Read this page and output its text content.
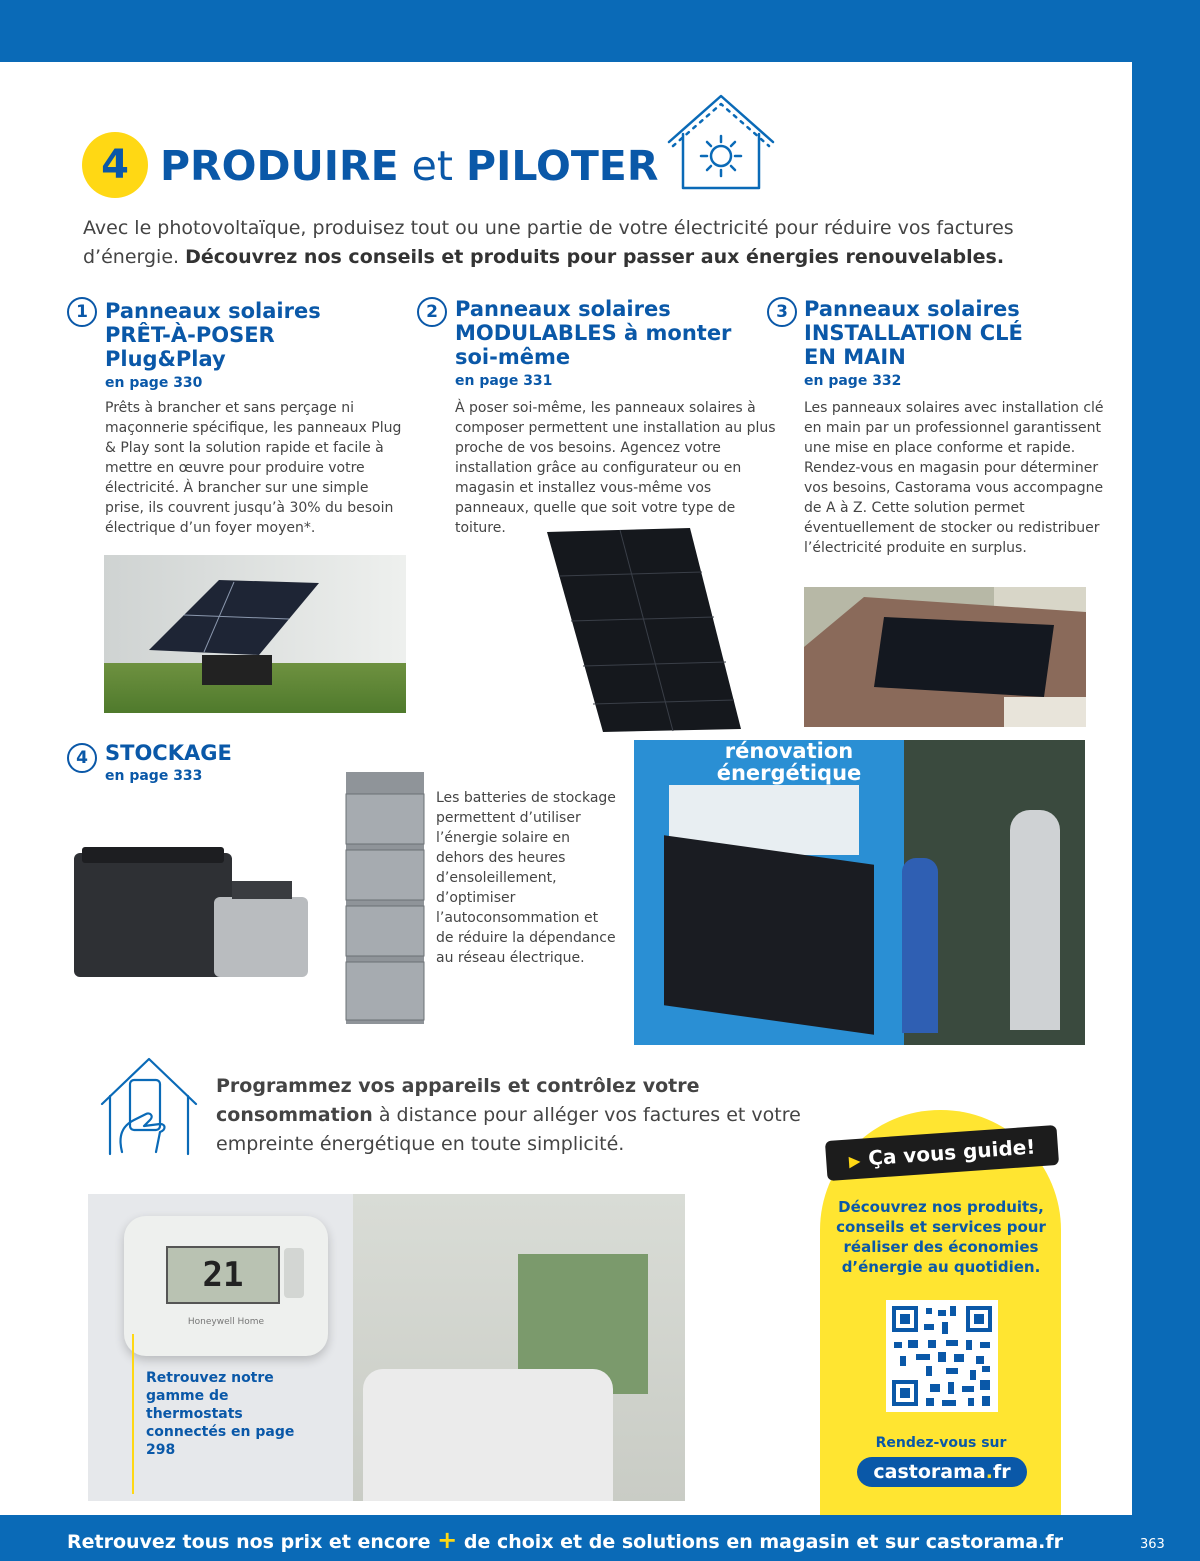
4 PRODUIRE et PILOTER
Avec le photovoltaïque, produisez tout ou une partie de votre électricité pour réduire vos factures d’énergie. Découvrez nos conseils et produits pour passer aux énergies renouvelables.
1 Panneaux solaires
PRÊT-À-POSER
Plug&Play
en page 330
Prêts à brancher et sans perçage ni maçonnerie spécifique, les panneaux Plug & Play sont la solution rapide et facile à mettre en œuvre pour produire votre électricité. À brancher sur une simple prise, ils couvrent jusqu’à 30% du besoin électrique d’un foyer moyen*.
2 Panneaux solaires
MODULABLES à monter
soi-même
en page 331
À poser soi-même, les panneaux solaires à composer permettent une installation au plus proche de vos besoins. Agencez votre installation grâce au configurateur ou en magasin et installez vous-même vos panneaux, quelle que soit votre type de toiture.
3 Panneaux solaires
INSTALLATION CLÉ
EN MAIN
en page 332
Les panneaux solaires avec installation clé en main par un professionnel garantissent une mise en place conforme et rapide. Rendez-vous en magasin pour déterminer vos besoins, Castorama vous accompagne de A à Z. Cette solution permet éventuellement de stocker ou redistribuer l’électricité produite en surplus.
4 STOCKAGE
en page 333
Les batteries de stockage permettent d’utiliser l’énergie solaire en dehors des heures d’ensoleillement, d’optimiser l’autoconsommation et de réduire la dépendance au réseau électrique.
rénovation
énergétique
Programmez vos appareils et contrôlez votre consommation à distance pour alléger vos factures et votre empreinte énergétique en toute simplicité.
21
Honeywell Home
Retrouvez notre gamme de thermostats connectés en page 298
▶ Ça vous guide!
Découvrez nos produits, conseils et services pour réaliser des économies d’énergie au quotidien.
Rendez-vous sur
castorama.fr
Retrouvez tous nos prix et encore + de choix et de solutions en magasin et sur castorama.fr	363
